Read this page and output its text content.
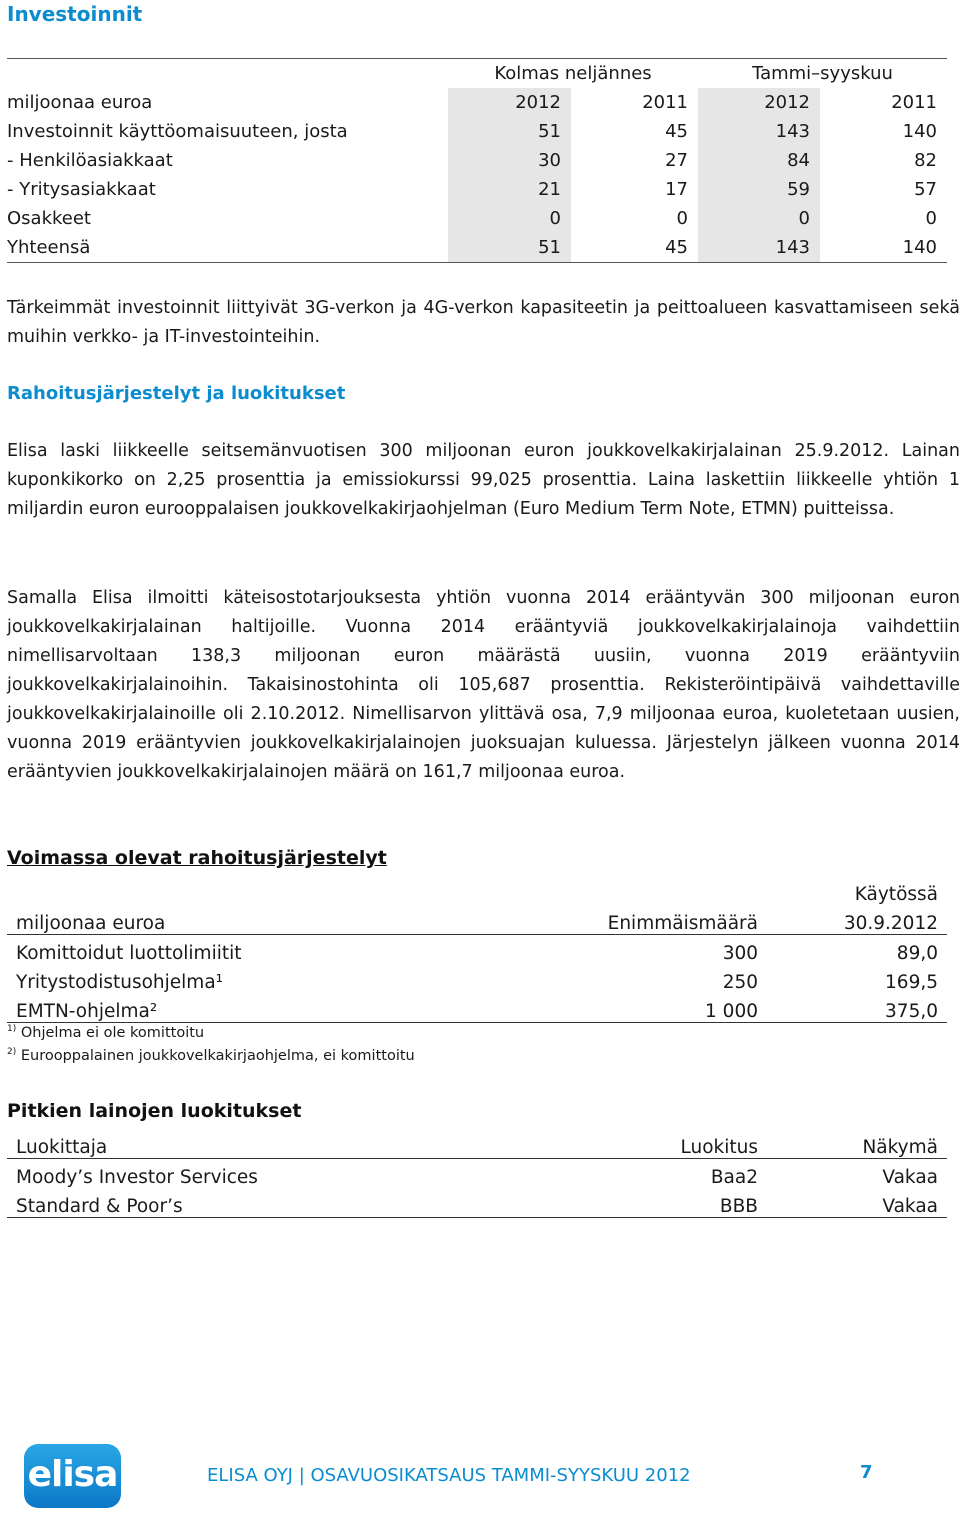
Investoinnit
	Kolmas neljännes		Tammi–syyskuu	
miljoonaa euroa	2012	2011	2012	2011
Investoinnit käyttöomaisuuteen, josta	51	45	143	140
- Henkilöasiakkaat	30	27	84	82
- Yritysasiakkaat	21	17	59	57
Osakkeet	0	0	0	0
Yhteensä	51	45	143	140

Tärkeimmät investoinnit liittyivät 3G-verkon ja 4G-verkon kapasiteetin ja peittoalueen kasvattamiseen sekä muihin verkko- ja IT-investointeihin.

Rahoitusjärjestelyt ja luokitukset

Elisa laski liikkeelle seitsemänvuotisen 300 miljoonan euron joukkovelkakirjalainan 25.9.2012. Lainan kuponkikorko on 2,25 prosenttia ja emissiokurssi 99,025 prosenttia. Laina laskettiin liikkeelle yhtiön 1 miljardin euron eurooppalaisen joukkovelkakirjaohjelman (Euro Medium Term Note, ETMN) puitteissa.

Samalla Elisa ilmoitti käteisostotarjouksesta yhtiön vuonna 2014 erääntyvän 300 miljoonan euron joukkovelkakirjalainan haltijoille. Vuonna 2014 erääntyviä joukkovelkakirjalainoja vaihdettiin nimellisarvoltaan 138,3 miljoonan euron määrästä uusiin, vuonna 2019 erääntyviin joukkovelkakirjalainoihin. Takaisinostohinta oli 105,687 prosenttia. Rekisteröintipäivä vaihdettaville joukkovelkakirjalainoille oli 2.10.2012. Nimellisarvon ylittävä osa, 7,9 miljoonaa euroa, kuoletetaan uusien, vuonna 2019 erääntyvien joukkovelkakirjalainojen juoksuajan kuluessa. Järjestelyn jälkeen vuonna 2014 erääntyvien joukkovelkakirjalainojen määrä on 161,7 miljoonaa euroa.

Voimassa olevat rahoitusjärjestelyt
		Käytössä
miljoonaa euroa	Enimmäismäärä	30.9.2012
Komittoidut luottolimiitit	300	89,0
Yritystodistusohjelma¹	250	169,5
EMTN-ohjelma²	1 000	375,0
$^{1)}$ Ohjelma ei ole komittoitu
$^{2)}$ Eurooppalainen joukkovelkakirjaohjelma, ei komittoitu
Pitkien lainojen luokitukset
Luokittaja	Luokitus	Näkymä
Moody’s Investor Services	Baa2	Vakaa
Standard & Poor’s	BBB	Vakaa
elisa	ELISA OYJ | OSAVUOSIKATSAUS TAMMI-SYYSKUU 2012	7
